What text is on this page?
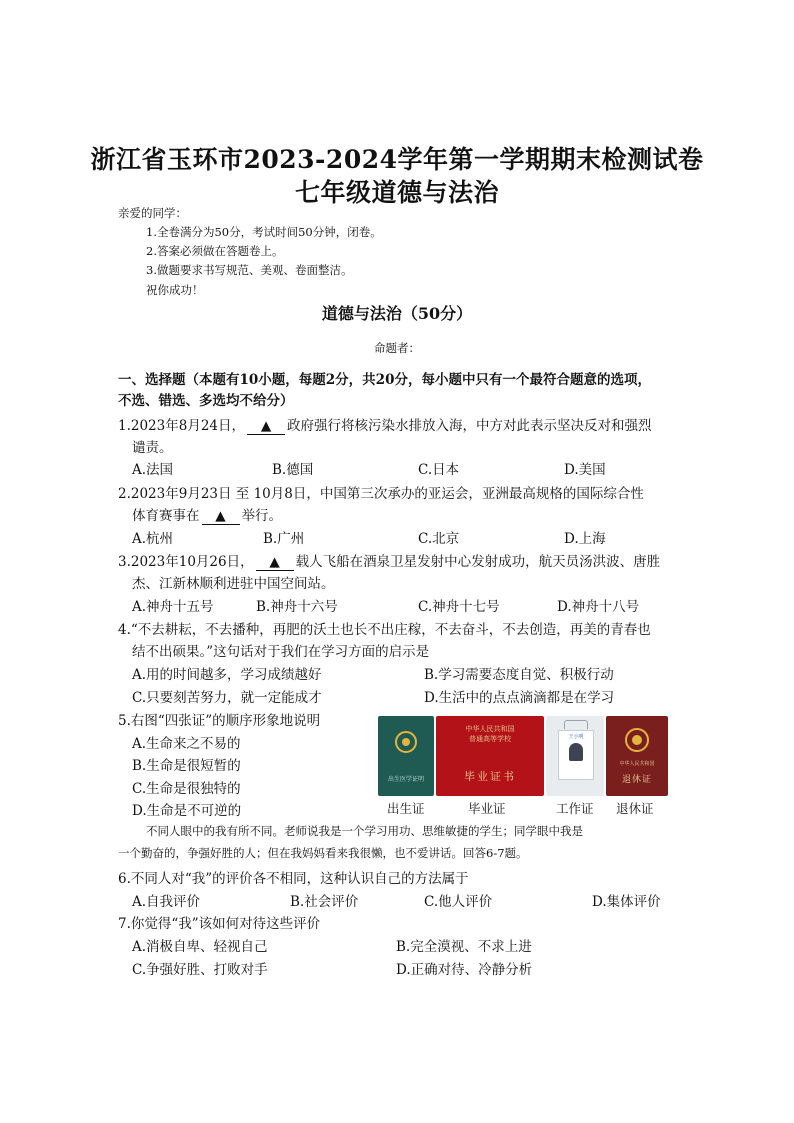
浙江省玉环市2023-2024学年第一学期期末检测试卷
七年级道德与法治
亲爱的同学：
1.全卷满分为50分，考试时间50分钟，闭卷。
2.答案必须做在答题卷上。
3.做题要求书写规范、美观、卷面整洁。
祝你成功！
道德与法治（50分）
命题者：
一、选择题（本题有10小题，每题2分，共20分，每小题中只有一个最符合题意的选项，
不选、错选、多选均不给分）
1.2023年8月24日， ▲ 政府强行将核污染水排放入海，中方对此表示坚决反对和强烈
谴责。
A.法国	B.德国	C.日本	D.美国
2.2023年9月23日 至 10月8日，中国第三次承办的亚运会，亚洲最高规格的国际综合性
体育赛事在 ▲ 举行。
A.杭州	B.广州	C.北京	D.上海
3.2023年10月26日， ▲ 载人飞船在酒泉卫星发射中心发射成功，航天员汤洪波、唐胜
杰、江新林顺利进驻中国空间站。
A.神舟十五号	B.神舟十六号	C.神舟十七号	D.神舟十八号
4.“不去耕耘，不去播种，再肥的沃土也长不出庄稼，不去奋斗，不去创造，再美的青春也
结不出硕果。”这句话对于我们在学习方面的启示是
A.用的时间越多，学习成绩越好	B.学习需要态度自觉、积极行动
C.只要刻苦努力，就一定能成才	D.生活中的点点滴滴都是在学习
5.右图“四张证”的顺序形象地说明
A.生命来之不易的
B.生命是很短暂的
C.生命是很独特的
D.生命是不可逆的
出生医学证明
中华人民共和国
普通高等学校
毕业证书
王小明
中华人民共和国
退休证
出生证	毕业证	工作证 退休证
不同人眼中的我有所不同。老师说我是一个学习用功、思维敏捷的学生；同学眼中我是
一个勤奋的，争强好胜的人；但在我妈妈看来我很懒，也不爱讲话。回答6-7题。
6.不同人对“我”的评价各不相同，这种认识自己的方法属于
A.自我评价	B.社会评价	C.他人评价	D.集体评价
7.你觉得“我”该如何对待这些评价
A.消极自卑、轻视自己	B.完全漠视、不求上进
C.争强好胜、打败对手	D.正确对待、冷静分析
